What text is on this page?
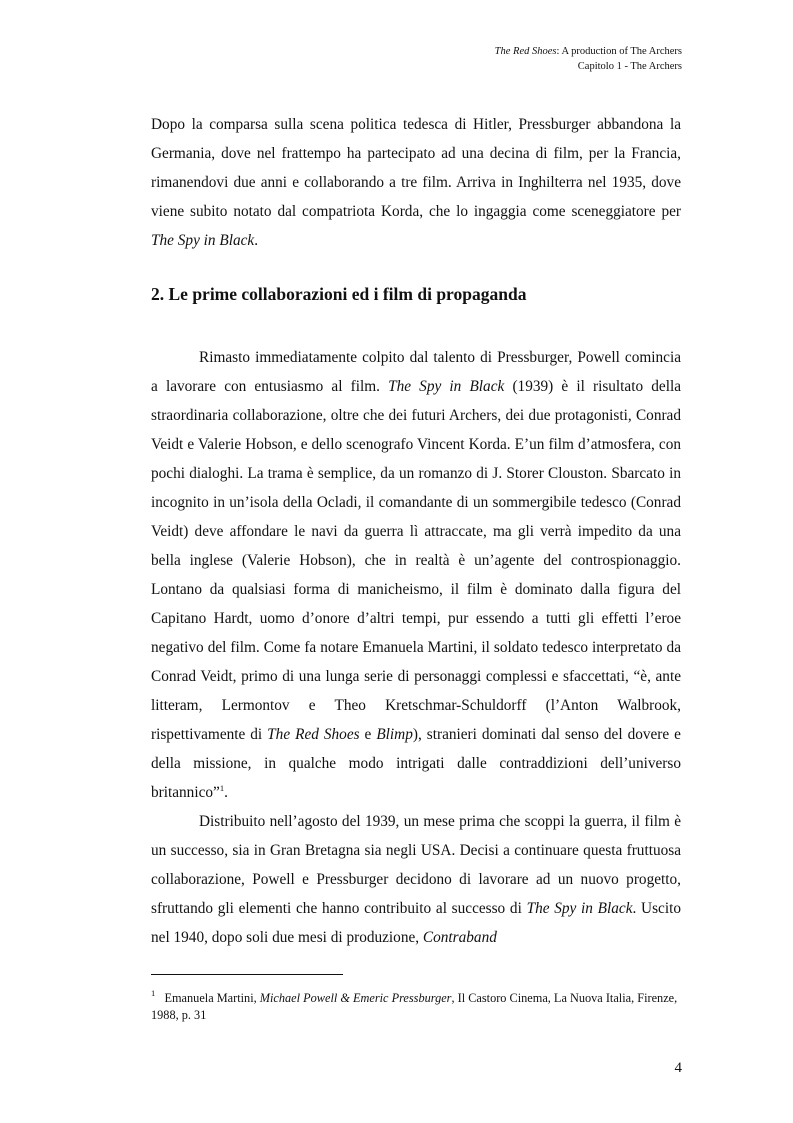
The Red Shoes: A production of The Archers
Capitolo 1 - The Archers

Dopo la comparsa sulla scena politica tedesca di Hitler, Pressburger abbandona la Germania, dove nel frattempo ha partecipato ad una decina di film, per la Francia, rimanendovi due anni e collaborando a tre film. Arriva in Inghilterra nel 1935, dove viene subito notato dal compatriota Korda, che lo ingaggia come sceneggiatore per The Spy in Black.

2. Le prime collaborazioni ed i film di propaganda

Rimasto immediatamente colpito dal talento di Pressburger, Powell comincia a lavorare con entusiasmo al film. The Spy in Black (1939) è il risultato della straordinaria collaborazione, oltre che dei futuri Archers, dei due protagonisti, Conrad Veidt e Valerie Hobson, e dello scenografo Vincent Korda. E’un film d’atmosfera, con pochi dialoghi. La trama è semplice, da un romanzo di J. Storer Clouston. Sbarcato in incognito in un’isola della Ocladi, il comandante di un sommergibile tedesco (Conrad Veidt) deve affondare le navi da guerra lì attraccate, ma gli verrà impedito da una bella inglese (Valerie Hobson), che in realtà è un’agente del controspionaggio. Lontano da qualsiasi forma di manicheismo, il film è dominato dalla figura del Capitano Hardt, uomo d’onore d’altri tempi, pur essendo a tutti gli effetti l’eroe negativo del film. Come fa notare Emanuela Martini, il soldato tedesco interpretato da Conrad Veidt, primo di una lunga serie di personaggi complessi e sfaccettati, “è, ante litteram, Lermontov e Theo Kretschmar-Schuldorff (l’Anton Walbrook, rispettivamente di The Red Shoes e Blimp), stranieri dominati dal senso del dovere e della missione, in qualche modo intrigati dalle contraddizioni dell’universo britannico”$^1$.

Distribuito nell’agosto del 1939, un mese prima che scoppi la guerra, il film è un successo, sia in Gran Bretagna sia negli USA. Decisi a continuare questa fruttuosa collaborazione, Powell e Pressburger decidono di lavorare ad un nuovo progetto, sfruttando gli elementi che hanno contribuito al successo di The Spy in Black. Uscito nel 1940, dopo soli due mesi di produzione, Contraband

$^1$ Emanuela Martini, Michael Powell & Emeric Pressburger, Il Castoro Cinema, La Nuova Italia, Firenze, 1988, p. 31
4
